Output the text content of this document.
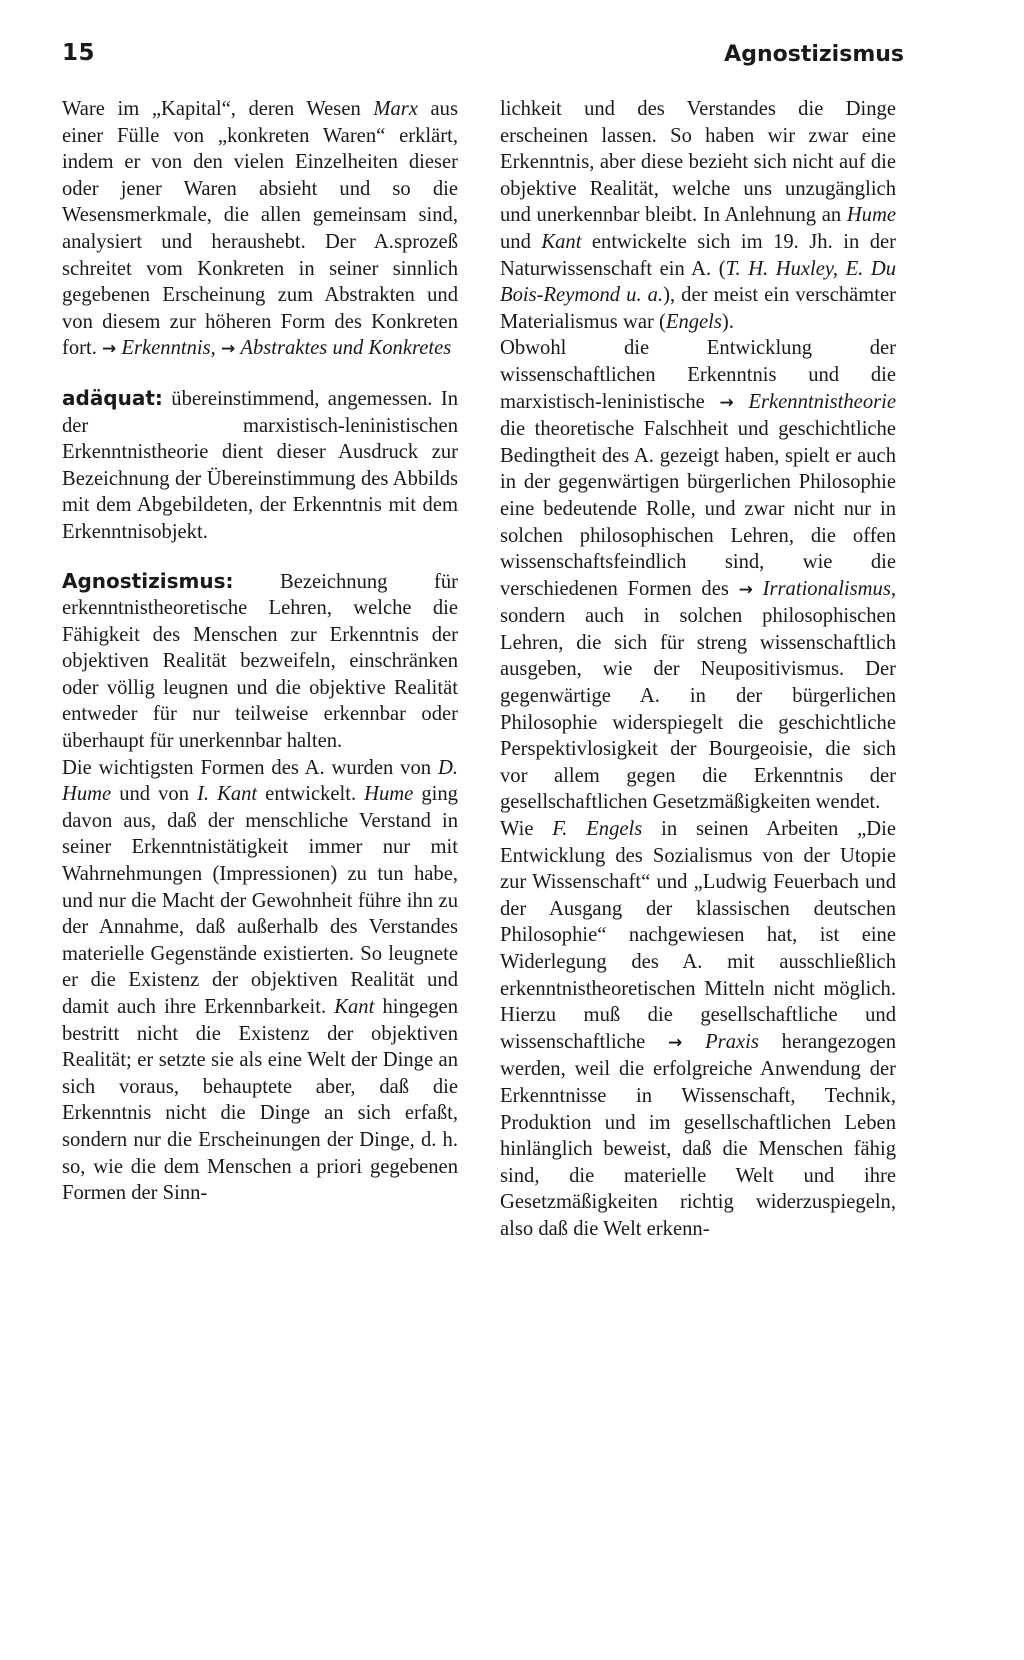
15	Agnostizismus

Ware im „Kapital“, deren Wesen Marx aus einer Fülle von „konkreten Waren“ erklärt, indem er von den vielen Einzelheiten dieser oder jener Waren absieht und so die Wesensmerkmale, die allen gemeinsam sind, analysiert und heraushebt. Der A.sprozeß schreitet vom Konkreten in seiner sinnlich gegebenen Erscheinung zum Abstrakten und von diesem zur höheren Form des Konkreten fort. → Erkenntnis, → Abstraktes und Konkretes

adäquat: übereinstimmend, angemessen. In der marxistisch-leninistischen Erkenntnistheorie dient dieser Ausdruck zur Bezeichnung der Übereinstimmung des Abbilds mit dem Abgebildeten, der Erkenntnis mit dem Erkenntnisobjekt.

Agnostizismus: Bezeichnung für erkenntnistheoretische Lehren, welche die Fähigkeit des Menschen zur Erkenntnis der objektiven Realität bezweifeln, einschränken oder völlig leugnen und die objektive Realität entweder für nur teilweise erkennbar oder überhaupt für unerkennbar halten.

Die wichtigsten Formen des A. wurden von D. Hume und von I. Kant entwickelt. Hume ging davon aus, daß der menschliche Verstand in seiner Erkenntnistätigkeit immer nur mit Wahrnehmungen (Impressionen) zu tun habe, und nur die Macht der Gewohnheit führe ihn zu der Annahme, daß außerhalb des Verstandes materielle Gegenstände existierten. So leugnete er die Existenz der objektiven Realität und damit auch ihre Erkennbarkeit. Kant hingegen bestritt nicht die Existenz der objektiven Realität; er setzte sie als eine Welt der Dinge an sich voraus, behauptete aber, daß die Erkenntnis nicht die Dinge an sich erfaßt, sondern nur die Erscheinungen der Dinge, d. h. so, wie die dem Menschen a priori gegebenen Formen der Sinn-

lichkeit und des Verstandes die Dinge erscheinen lassen. So haben wir zwar eine Erkenntnis, aber diese bezieht sich nicht auf die objektive Realität, welche uns unzugänglich und unerkennbar bleibt. In Anlehnung an Hume und Kant entwickelte sich im 19. Jh. in der Naturwissenschaft ein A. (T. H. Huxley, E. Du Bois-Reymond u. a.), der meist ein verschämter Materialismus war (Engels).

Obwohl die Entwicklung der wissenschaftlichen Erkenntnis und die marxistisch-leninistische → Erkenntnistheorie die theoretische Falschheit und geschichtliche Bedingtheit des A. gezeigt haben, spielt er auch in der gegenwärtigen bürgerlichen Philosophie eine bedeutende Rolle, und zwar nicht nur in solchen philosophischen Lehren, die offen wissenschaftsfeindlich sind, wie die verschiedenen Formen des → Irrationalismus, sondern auch in solchen philosophischen Lehren, die sich für streng wissenschaftlich ausgeben, wie der Neupositivismus. Der gegenwärtige A. in der bürgerlichen Philosophie widerspiegelt die geschichtliche Perspektivlosigkeit der Bourgeoisie, die sich vor allem gegen die Erkenntnis der gesellschaftlichen Gesetzmäßigkeiten wendet.

Wie F. Engels in seinen Arbeiten „Die Entwicklung des Sozialismus von der Utopie zur Wissenschaft“ und „Ludwig Feuerbach und der Ausgang der klassischen deutschen Philosophie“ nachgewiesen hat, ist eine Widerlegung des A. mit ausschließlich erkenntnistheoretischen Mitteln nicht möglich. Hierzu muß die gesellschaftliche und wissenschaftliche → Praxis herangezogen werden, weil die erfolgreiche Anwendung der Erkenntnisse in Wissenschaft, Technik, Produktion und im gesellschaftlichen Leben hinlänglich beweist, daß die Menschen fähig sind, die materielle Welt und ihre Gesetzmäßigkeiten richtig widerzuspiegeln, also daß die Welt erkenn-
